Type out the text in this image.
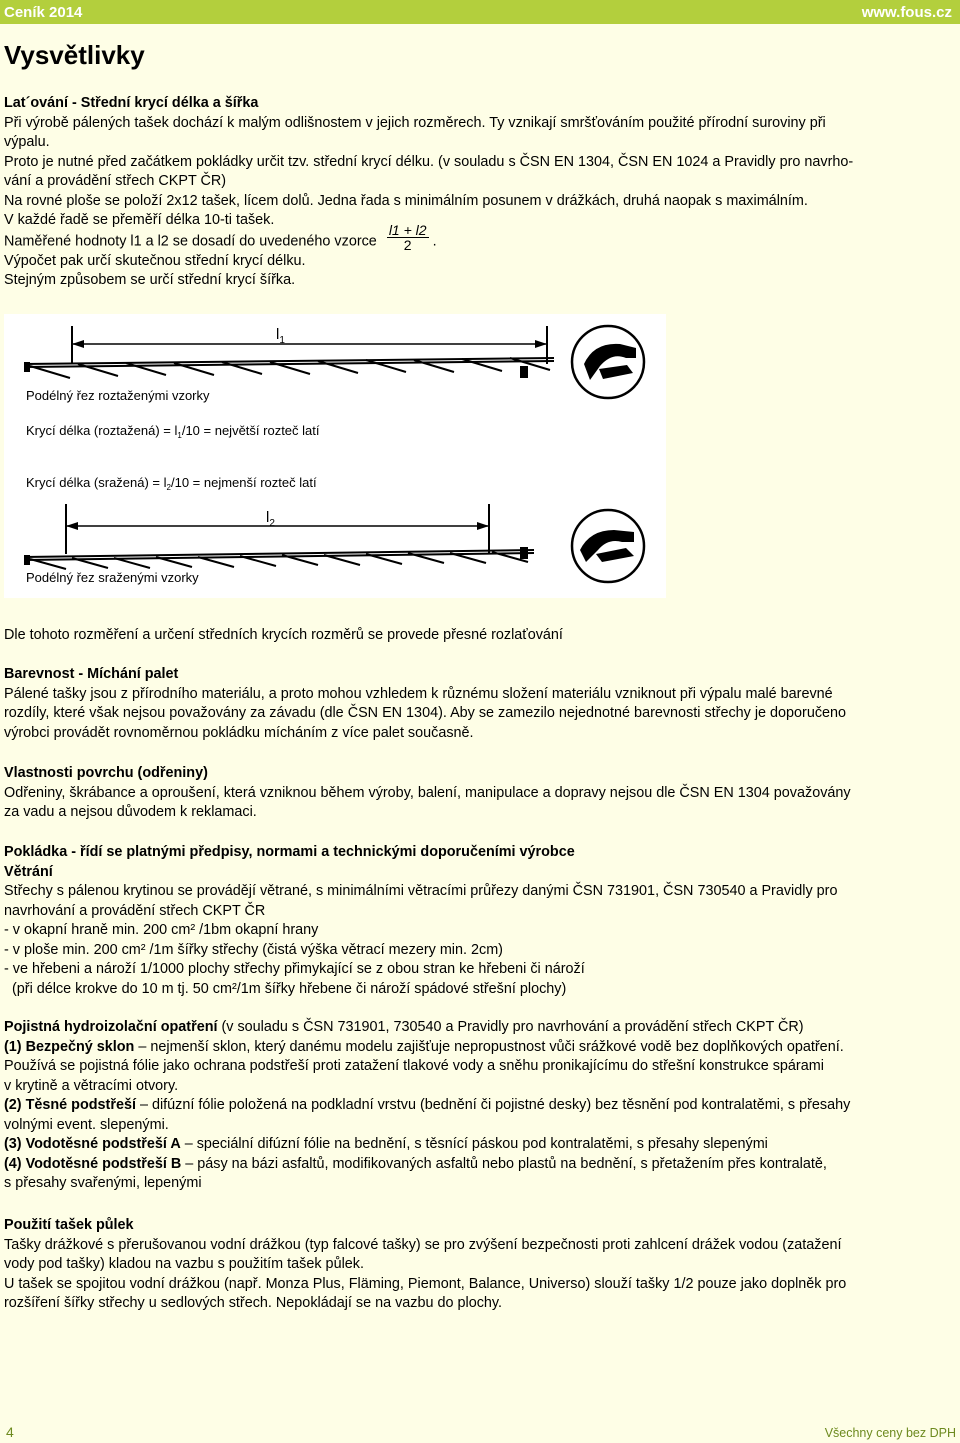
Ceník 2014	www.fous.cz
Vysvětlivky

Lat´ování - Střední krycí délka a šířka

Při výrobě pálených tašek dochází k malým odlišnostem v jejich rozměrech. Ty vznikají smršťováním použité přírodní suroviny při

výpalu.

Proto je nutné před začátkem pokládky určit tzv. střední krycí délku. (v souladu s ČSN EN 1304, ČSN EN 1024 a Pravidly pro navrho-

vání a provádění střech CKPT ČR)

Na rovné ploše se položí 2x12 tašek, lícem dolů. Jedna řada s minimálním posunem v drážkách, druhá naopak s maximálním.

V každé řadě se přeměří délka 10-ti tašek.

Naměřené hodnoty l1 a l2 se dosadí do uvedeného vzorce $\frac{l1 + l2}{2}$ .

Výpočet pak určí skutečnou střední krycí délku.

Stejným způsobem se určí střední krycí šířka.

$l_1$
Podélný řez roztaženými vzorky
Krycí délka (roztažená) = $l_1/10$ = největší rozteč latí
Krycí délka (sražená) = $l_2/10$ = nejmenší rozteč latí
$l_2$
Podélný řez sraženými vzorky

Dle tohoto rozměření a určení středních krycích rozměrů se provede přesné rozlaťování

Barevnost - Míchání palet

Pálené tašky jsou z přírodního materiálu, a proto mohou vzhledem k různému složení materiálu vzniknout při výpalu malé barevné

rozdíly, které však nejsou považovány za závadu (dle ČSN EN 1304). Aby se zamezilo nejednotné barevnosti střechy je doporučeno

výrobci provádět rovnoměrnou pokládku mícháním z více palet současně.

Vlastnosti povrchu (odřeniny)

Odřeniny, škrábance a oproušení, která vzniknou během výroby, balení, manipulace a dopravy nejsou dle ČSN EN 1304 považovány

za vadu a nejsou důvodem k reklamaci.

Pokládka - řídí se platnými předpisy, normami a technickými doporučeními výrobce

Větrání

Střechy s pálenou krytinou se provádějí větrané, s minimálními větracími průřezy danými ČSN 731901, ČSN 730540 a Pravidly pro

navrhování a provádění střech CKPT ČR

- v okapní hraně min. 200 cm² /1bm okapní hrany

- v ploše min. 200 cm² /1m šířky střechy (čistá výška větrací mezery min. 2cm)

- ve hřebeni a nároží 1/1000 plochy střechy přimykající se z obou stran ke hřebeni či nároží

(při délce krokve do 10 m tj. 50 cm²/1m šířky hřebene či nároží spádové střešní plochy)

Pojistná hydroizolační opatření (v souladu s ČSN 731901, 730540 a Pravidly pro navrhování a provádění střech CKPT ČR)

(1) Bezpečný sklon – nejmenší sklon, který danému modelu zajišťuje nepropustnost vůči srážkové vodě bez doplňkových opatření.

Používá se pojistná fólie jako ochrana podstřeší proti zatažení tlakové vody a sněhu pronikajícímu do střešní konstrukce spárami

v krytině a větracími otvory.

(2) Těsné podstřeší – difúzní fólie položená na podkladní vrstvu (bednění či pojistné desky) bez těsnění pod kontralatěmi, s přesahy

volnými event. slepenými.

(3) Vodotěsné podstřeší A – speciální difúzní fólie na bednění, s těsnící páskou pod kontralatěmi, s přesahy slepenými

(4) Vodotěsné podstřeší B – pásy na bázi asfaltů, modifikovaných asfaltů nebo plastů na bednění, s přetažením přes kontralatě,

s přesahy svařenými, lepenými

Použití tašek půlek

Tašky drážkové s přerušovanou vodní drážkou (typ falcové tašky) se pro zvýšení bezpečnosti proti zahlcení drážek vodou (zatažení

vody pod tašky) kladou na vazbu s použitím tašek půlek.

U tašek se spojitou vodní drážkou (např. Monza Plus, Fläming, Piemont, Balance, Universo) slouží tašky 1/2 pouze jako doplněk pro

rozšíření šířky střechy u sedlových střech. Nepokládají se na vazbu do plochy.

4	Všechny ceny bez DPH
